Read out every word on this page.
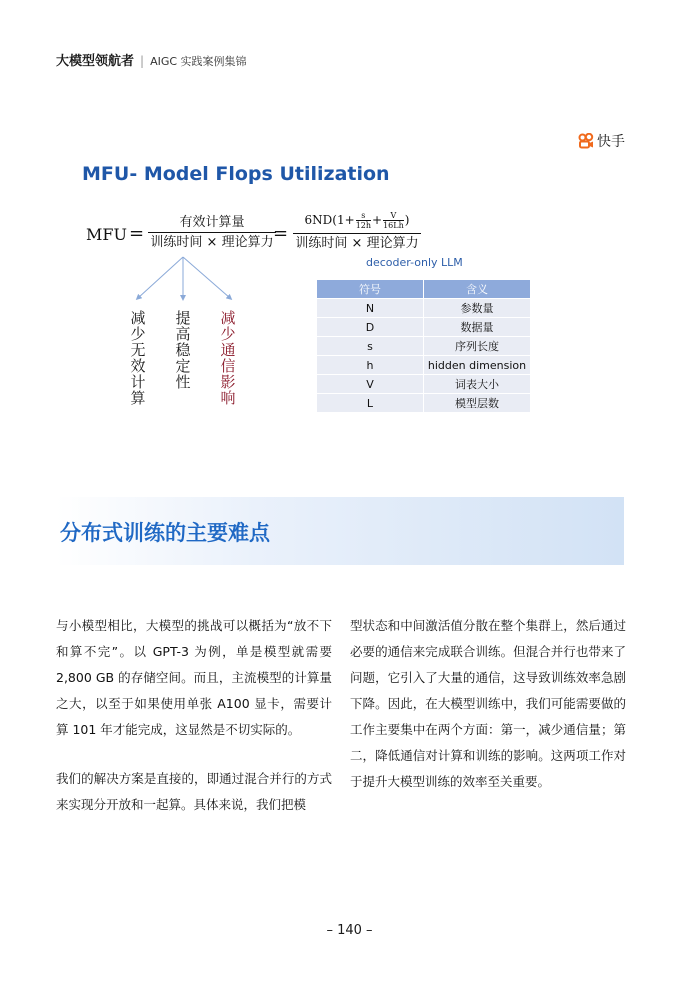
大模型领航者 | AIGC 实践案例集锦
快手
MFU- Model Flops Utilization
MFU =
有效计算量
训练时间 × 理论算力 =
6ND(1+ s
12h + V
16Lh )
训练时间 × 理论算力
减少无效计算
提高稳定性
减少通信影响
decoder-only LLM
符号	含义
N	参数量
D	数据量
s	序列长度
h	hidden dimension
V	词表大小
L	模型层数
分布式训练的主要难点

与小模型相比，大模型的挑战可以概括为“放不下和算不完”。以 GPT-3 为例，单是模型就需要 2,800 GB 的存储空间。而且，主流模型的计算量之大，以至于如果使用单张 A100 显卡，需要计算 101 年才能完成，这显然是不切实际的。

我们的解决方案是直接的，即通过混合并行的方式来实现分开放和一起算。具体来说，我们把模

型状态和中间激活值分散在整个集群上，然后通过必要的通信来完成联合训练。但混合并行也带来了问题，它引入了大量的通信，这导致训练效率急剧下降。因此，在大模型训练中，我们可能需要做的工作主要集中在两个方面：第一，减少通信量；第二，降低通信对计算和训练的影响。这两项工作对于提升大模型训练的效率至关重要。

– 140 –
